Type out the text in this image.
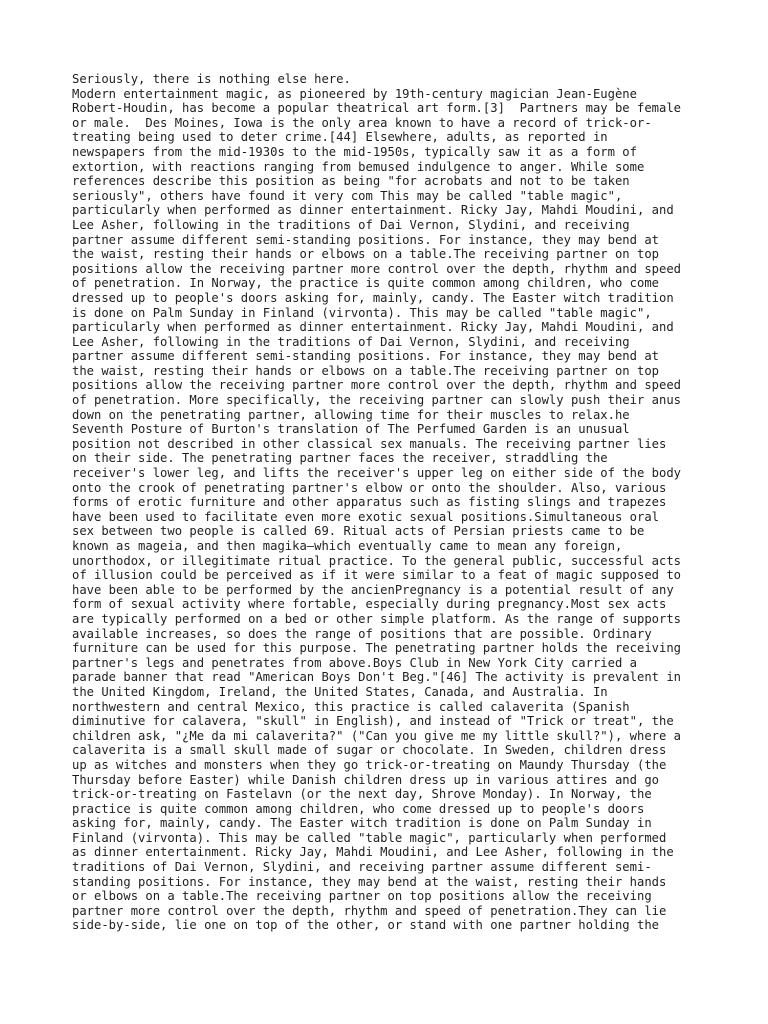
Seriously, there is nothing else here.
Modern entertainment magic, as pioneered by 19th-century magician Jean-Eugène
Robert-Houdin, has become a popular theatrical art form.[3]  Partners may be female
or male.  Des Moines, Iowa is the only area known to have a record of trick-or-
treating being used to deter crime.[44] Elsewhere, adults, as reported in
newspapers from the mid-1930s to the mid-1950s, typically saw it as a form of
extortion, with reactions ranging from bemused indulgence to anger. While some
references describe this position as being "for acrobats and not to be taken
seriously", others have found it very com This may be called "table magic",
particularly when performed as dinner entertainment. Ricky Jay, Mahdi Moudini, and
Lee Asher, following in the traditions of Dai Vernon, Slydini, and receiving
partner assume different semi-standing positions. For instance, they may bend at
the waist, resting their hands or elbows on a table.The receiving partner on top
positions allow the receiving partner more control over the depth, rhythm and speed
of penetration. In Norway, the practice is quite common among children, who come
dressed up to people's doors asking for, mainly, candy. The Easter witch tradition
is done on Palm Sunday in Finland (virvonta). This may be called "table magic",
particularly when performed as dinner entertainment. Ricky Jay, Mahdi Moudini, and
Lee Asher, following in the traditions of Dai Vernon, Slydini, and receiving
partner assume different semi-standing positions. For instance, they may bend at
the waist, resting their hands or elbows on a table.The receiving partner on top
positions allow the receiving partner more control over the depth, rhythm and speed
of penetration. More specifically, the receiving partner can slowly push their anus
down on the penetrating partner, allowing time for their muscles to relax.he
Seventh Posture of Burton's translation of The Perfumed Garden is an unusual
position not described in other classical sex manuals. The receiving partner lies
on their side. The penetrating partner faces the receiver, straddling the
receiver's lower leg, and lifts the receiver's upper leg on either side of the body
onto the crook of penetrating partner's elbow or onto the shoulder. Also, various
forms of erotic furniture and other apparatus such as fisting slings and trapezes
have been used to facilitate even more exotic sexual positions.Simultaneous oral
sex between two people is called 69. Ritual acts of Persian priests came to be
known as mageia, and then magika—which eventually came to mean any foreign,
unorthodox, or illegitimate ritual practice. To the general public, successful acts
of illusion could be perceived as if it were similar to a feat of magic supposed to
have been able to be performed by the ancienPregnancy is a potential result of any
form of sexual activity where fortable, especially during pregnancy.Most sex acts
are typically performed on a bed or other simple platform. As the range of supports
available increases, so does the range of positions that are possible. Ordinary
furniture can be used for this purpose. The penetrating partner holds the receiving
partner's legs and penetrates from above.Boys Club in New York City carried a
parade banner that read "American Boys Don't Beg."[46] The activity is prevalent in
the United Kingdom, Ireland, the United States, Canada, and Australia. In
northwestern and central Mexico, this practice is called calaverita (Spanish
diminutive for calavera, "skull" in English), and instead of "Trick or treat", the
children ask, "¿Me da mi calaverita?" ("Can you give me my little skull?"), where a
calaverita is a small skull made of sugar or chocolate. In Sweden, children dress
up as witches and monsters when they go trick-or-treating on Maundy Thursday (the
Thursday before Easter) while Danish children dress up in various attires and go
trick-or-treating on Fastelavn (or the next day, Shrove Monday). In Norway, the
practice is quite common among children, who come dressed up to people's doors
asking for, mainly, candy. The Easter witch tradition is done on Palm Sunday in
Finland (virvonta). This may be called "table magic", particularly when performed
as dinner entertainment. Ricky Jay, Mahdi Moudini, and Lee Asher, following in the
traditions of Dai Vernon, Slydini, and receiving partner assume different semi-
standing positions. For instance, they may bend at the waist, resting their hands
or elbows on a table.The receiving partner on top positions allow the receiving
partner more control over the depth, rhythm and speed of penetration.They can lie
side-by-side, lie one on top of the other, or stand with one partner holding the
